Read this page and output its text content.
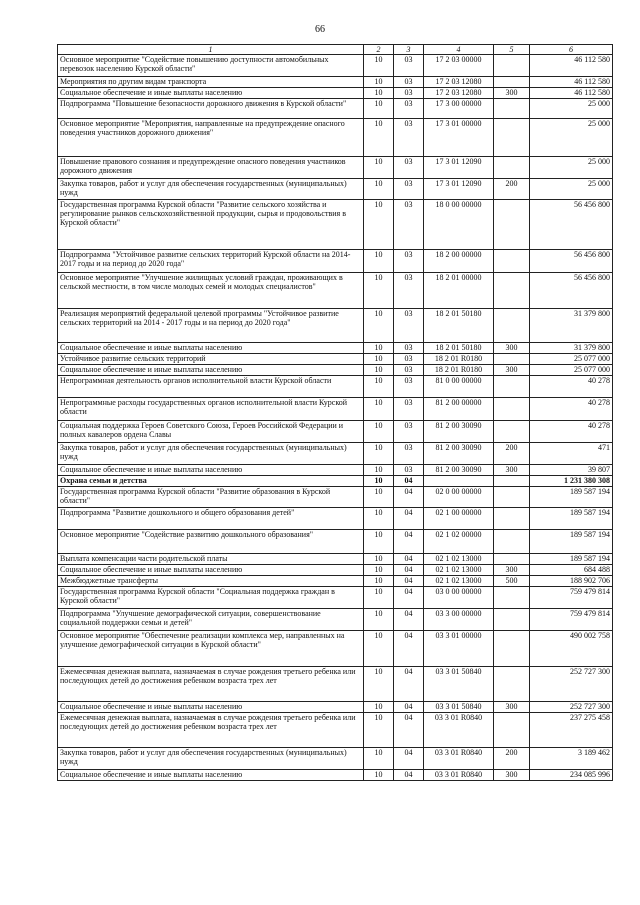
66
1	2	3	4	5	6
Основное мероприятие "Содействие повышению доступности автомобильных перевозок населению Курской области"	10	03	17 2 03 00000		46 112 580
Мероприятия по другим видам транспорта	10	03	17 2 03 12080		46 112 580
Социальное обеспечение и иные выплаты населению	10	03	17 2 03 12080	300	46 112 580
Подпрограмма "Повышение безопасности дорожного движения в Курской области"	10	03	17 3 00 00000		25 000
Основное мероприятие "Мероприятия, направленные на предупреждение опасного поведения участников дорожного движения"	10	03	17 3 01 00000		25 000
Повышение правового сознания и предупреждение опасного поведения участников дорожного движения	10	03	17 3 01 12090		25 000
Закупка товаров, работ и услуг для обеспечения государственных (муниципальных) нужд	10	03	17 3 01 12090	200	25 000
Государственная программа Курской области "Развитие сельского хозяйства и регулирование рынков сельскохозяйственной продукции, сырья и продовольствия в Курской области"	10	03	18 0 00 00000		56 456 800
Подпрограмма "Устойчивое развитие сельских территорий Курской области на 2014-2017 годы и на период до 2020 года"	10	03	18 2 00 00000		56 456 800
Основное мероприятие "Улучшение жилищных условий граждан, проживающих в сельской местности, в том числе молодых семей и молодых специалистов"	10	03	18 2 01 00000		56 456 800
Реализация мероприятий федеральной целевой программы "Устойчивое развитие сельских территорий на 2014 - 2017 годы и на период до 2020 года"	10	03	18 2 01 50180		31 379 800
Социальное обеспечение и иные выплаты населению	10	03	18 2 01 50180	300	31 379 800
Устойчивое развитие сельских территорий	10	03	18 2 01 R0180		25 077 000
Социальное обеспечение и иные выплаты населению	10	03	18 2 01 R0180	300	25 077 000
Непрограммная деятельность органов исполнительной власти Курской области	10	03	81 0 00 00000		40 278
Непрограммные расходы государственных органов исполнительной власти Курской области	10	03	81 2 00 00000		40 278
Социальная поддержка Героев Советского Союза, Героев Российской Федерации и полных кавалеров ордена Славы	10	03	81 2 00 30090		40 278
Закупка товаров, работ и услуг для обеспечения государственных (муниципальных) нужд	10	03	81 2 00 30090	200	471
Социальное обеспечение и иные выплаты населению	10	03	81 2 00 30090	300	39 807
Охрана семьи и детства	10	04			1 231 380 308
Государственная программа Курской области "Развитие образования в Курской области"	10	04	02 0 00 00000		189 587 194
Подпрограмма "Развитие дошкольного и общего образования детей"	10	04	02 1 00 00000		189 587 194
Основное мероприятие "Содействие развитию дошкольного образования"	10	04	02 1 02 00000		189 587 194
Выплата компенсации части родительской платы	10	04	02 1 02 13000		189 587 194
Социальное обеспечение и иные выплаты населению	10	04	02 1 02 13000	300	684 488
Межбюджетные трансферты	10	04	02 1 02 13000	500	188 902 706
Государственная программа Курской области "Социальная поддержка граждан в Курской области"	10	04	03 0 00 00000		759 479 814
Подпрограмма "Улучшение демографической ситуации, совершенствование социальной поддержки семьи и детей"	10	04	03 3 00 00000		759 479 814
Основное мероприятие "Обеспечение реализации комплекса мер, направленных на улучшение демографической ситуации в Курской области"	10	04	03 3 01 00000		490 002 758
Ежемесячная денежная выплата, назначаемая в случае рождения третьего ребенка или последующих детей до достижения ребенком возраста трех лет	10	04	03 3 01 50840		252 727 300
Социальное обеспечение и иные выплаты населению	10	04	03 3 01 50840	300	252 727 300
Ежемесячная денежная выплата, назначаемая в случае рождения третьего ребенка или последующих детей до достижения ребенком возраста трех лет	10	04	03 3 01 R0840		237 275 458
Закупка товаров, работ и услуг для обеспечения государственных (муниципальных) нужд	10	04	03 3 01 R0840	200	3 189 462
Социальное обеспечение и иные выплаты населению	10	04	03 3 01 R0840	300	234 085 996
